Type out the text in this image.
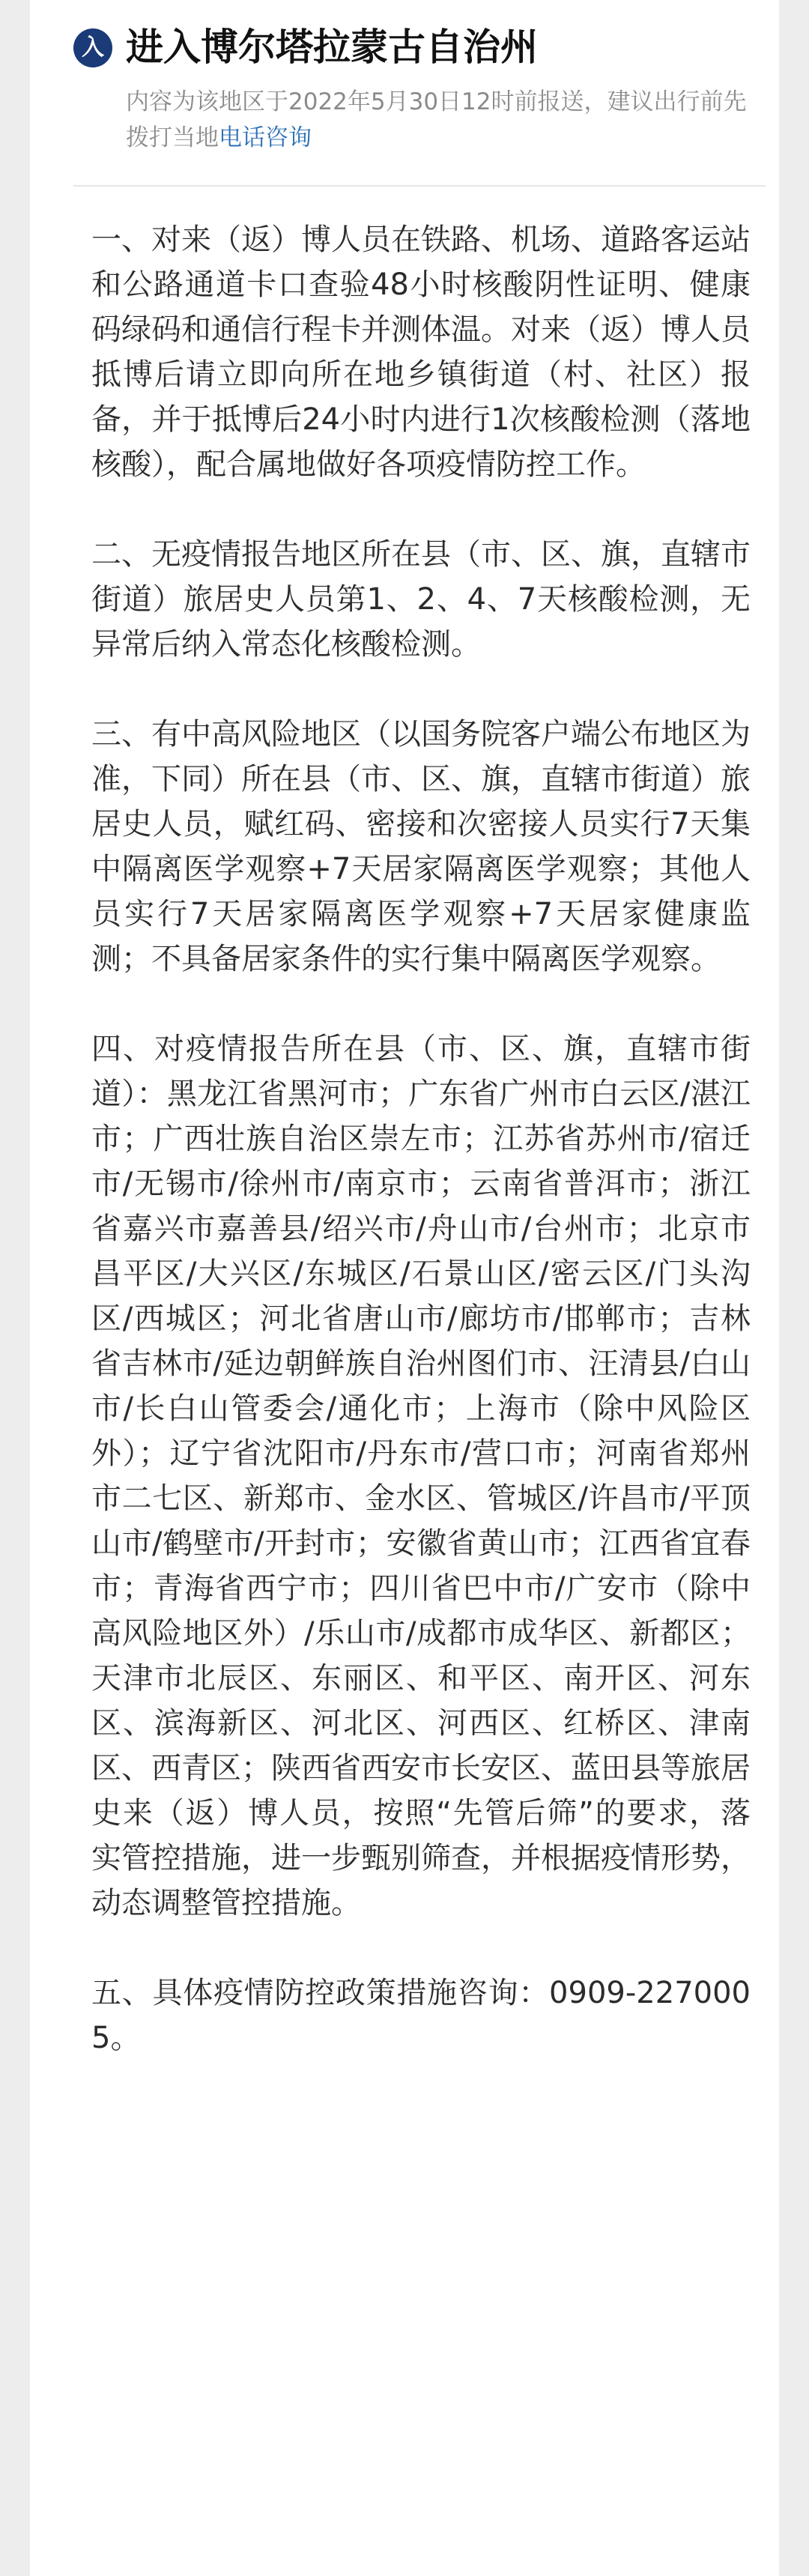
入 进入博尔塔拉蒙古自治州
内容为该地区于2022年5月30日12时前报送，建议出行前先拨打当地电话咨询

一、对来（返）博人员在铁路、机场、道路客运站和公路通道卡口查验48小时核酸阴性证明、健康码绿码和通信行程卡并测体温。对来（返）博人员抵博后请立即向所在地乡镇街道（村、社区）报备，并于抵博后24小时内进行1次核酸检测（落地核酸），配合属地做好各项疫情防控工作。

二、无疫情报告地区所在县（市、区、旗，直辖市街道）旅居史人员第1、2、4、7天核酸检测，无异常后纳入常态化核酸检测。

三、有中高风险地区（以国务院客户端公布地区为准，下同）所在县（市、区、旗，直辖市街道）旅居史人员，赋红码、密接和次密接人员实行7天集中隔离医学观察+7天居家隔离医学观察；其他人员实行7天居家隔离医学观察+7天居家健康监测；不具备居家条件的实行集中隔离医学观察。

四、对疫情报告所在县（市、区、旗，直辖市街道）：黑龙江省黑河市；广东省广州市白云区/湛江市；广西壮族自治区崇左市；江苏省苏州市/宿迁市/无锡市/徐州市/南京市；云南省普洱市；浙江省嘉兴市嘉善县/绍兴市/舟山市/台州市；北京市昌平区/大兴区/东城区/石景山区/密云区/门头沟区/西城区；河北省唐山市/廊坊市/邯郸市；吉林省吉林市/延边朝鲜族自治州图们市、汪清县/白山市/长白山管委会/通化市；上海市（除中风险区外）；辽宁省沈阳市/丹东市/营口市；河南省郑州市二七区、新郑市、金水区、管城区/许昌市/平顶山市/鹤壁市/开封市；安徽省黄山市；江西省宜春市；青海省西宁市；四川省巴中市/广安市（除中高风险地区外）/乐山市/成都市成华区、新都区；天津市北辰区、东丽区、和平区、南开区、河东区、滨海新区、河北区、河西区、红桥区、津南区、西青区；陕西省西安市长安区、蓝田县等旅居史来（返）博人员，按照“先管后筛”的要求，落实管控措施，进一步甄别筛查，并根据疫情形势，动态调整管控措施。

五、具体疫情防控政策措施咨询：0909-2270005。
